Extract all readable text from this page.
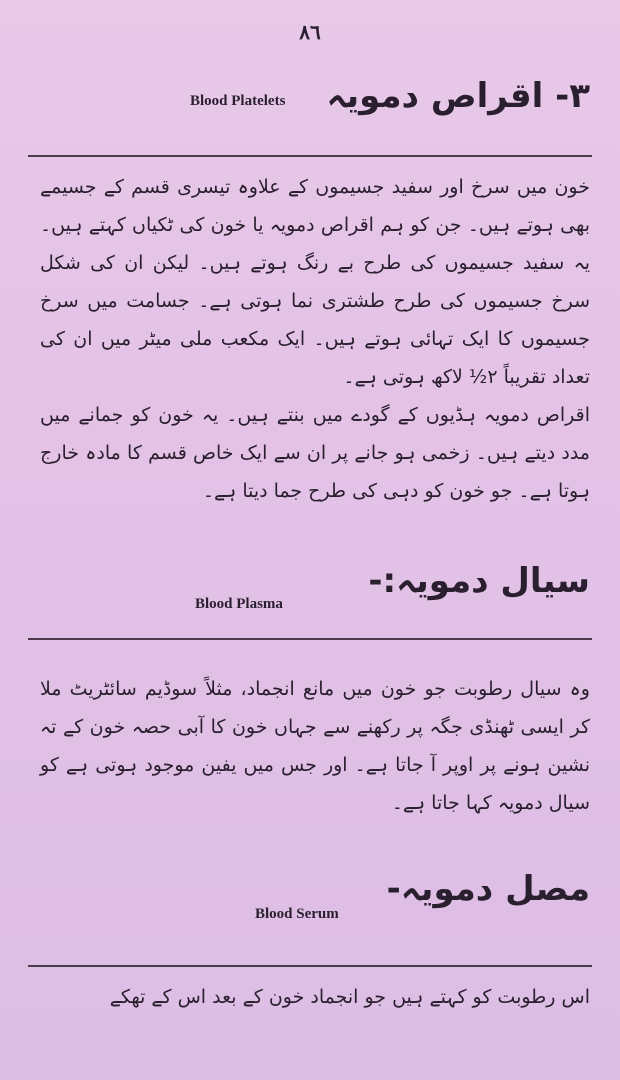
٨٦
۳- اقراص دمویہ
Blood Platelets
خون میں سرخ اور سفید جسیموں کے علاوہ تیسری قسم کے جسیمے بھی ہوتے ہیں۔ جن کو ہم اقراص دمویہ یا خون کی ٹکیاں کہتے ہیں۔ یہ سفید جسیموں کی طرح بے رنگ ہوتے ہیں۔ لیکن ان کی شکل سرخ جسیموں کی طرح طشتری نما ہوتی ہے۔ جسامت میں سرخ جسیموں کا ایک تہائی ہوتے ہیں۔ ایک مکعب ملی میٹر میں ان کی تعداد تقریباً ۲½ لاکھ ہوتی ہے۔
اقراص دمویہ ہڈیوں کے گودے میں بنتے ہیں۔ یہ خون کو جمانے میں مدد دیتے ہیں۔ زخمی ہو جانے پر ان سے ایک خاص قسم کا مادہ خارج ہوتا ہے۔ جو خون کو دہی کی طرح جما دیتا ہے۔
سیال دمویہ:-
Blood Plasma
وہ سیال رطوبت جو خون میں مانع انجماد، مثلاً سوڈیم سائٹریٹ ملا کر ایسی ٹھنڈی جگہ پر رکھنے سے جہاں خون کا آبی حصہ خون کے تہ نشین ہونے پر اوپر آ جاتا ہے۔ اور جس میں یفین موجود ہوتی ہے کو سیال دمویہ کہا جاتا ہے۔
مصل دمویہ-
Blood Serum
اس رطوبت کو کہتے ہیں جو انجماد خون کے بعد اس کے تھکے
